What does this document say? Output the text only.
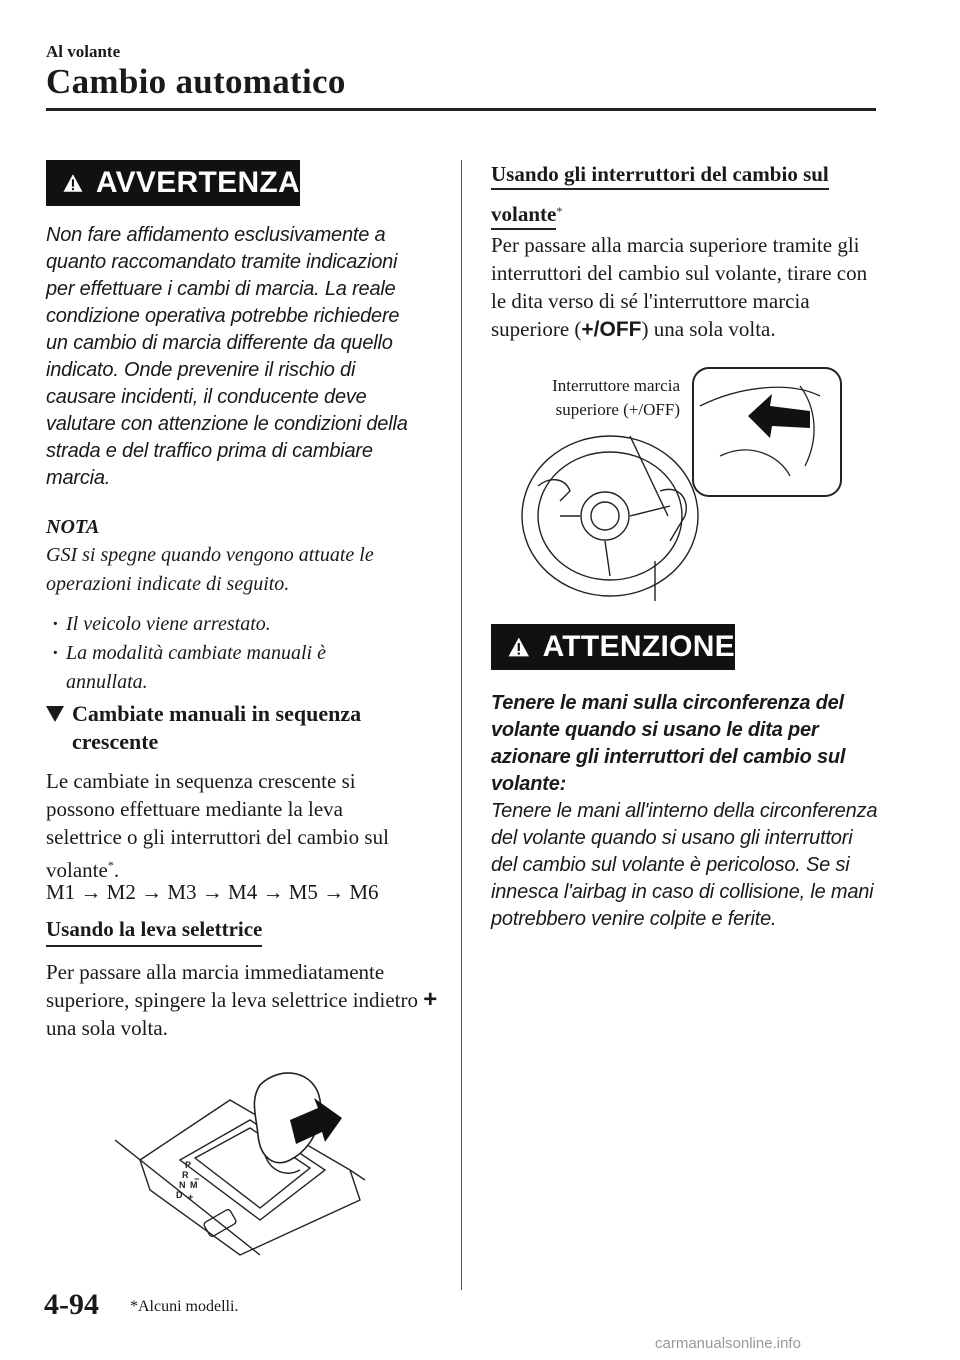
Al volante
Cambio automatico
AVVERTENZA
Non fare affidamento esclusivamente a quanto raccomandato tramite indicazioni per effettuare i cambi di marcia. La reale condizione operativa potrebbe richiedere un cambio di marcia differente da quello indicato. Onde prevenire il rischio di causare incidenti, il conducente deve valutare con attenzione le condizioni della strada e del traffico prima di cambiare marcia.
NOTA
GSI si spegne quando vengono attuate le operazioni indicate di seguito.
· Il veicolo viene arrestato.
· La modalità cambiate manuali è annullata.
Cambiate manuali in sequenza crescente
Le cambiate in sequenza crescente si
possono effettuare mediante la leva
selettrice o gli interruttori del cambio sul
volante*.
M1 → M2 → M3 → M4 → M5 → M6
Usando la leva selettrice
Per passare alla marcia immediatamente superiore, spingere la leva selettrice indietro + una sola volta.
P
R
N
D
M
−
+
Usando gli interruttori del cambio sul volante*
Per passare alla marcia superiore tramite gli interruttori del cambio sul volante, tirare con le dita verso di sé l'interruttore marcia superiore (+/OFF) una sola volta.
Interruttore marcia
superiore (+/OFF)
ATTENZIONE
Tenere le mani sulla circonferenza del volante quando si usano le dita per azionare gli interruttori del cambio sul volante:
Tenere le mani all'interno della circonferenza del volante quando si usano gli interruttori del cambio sul volante è pericoloso. Se si innesca l'airbag in caso di collisione, le mani potrebbero venire colpite e ferite.
4-94 *Alcuni modelli.
carmanualsonline.info
